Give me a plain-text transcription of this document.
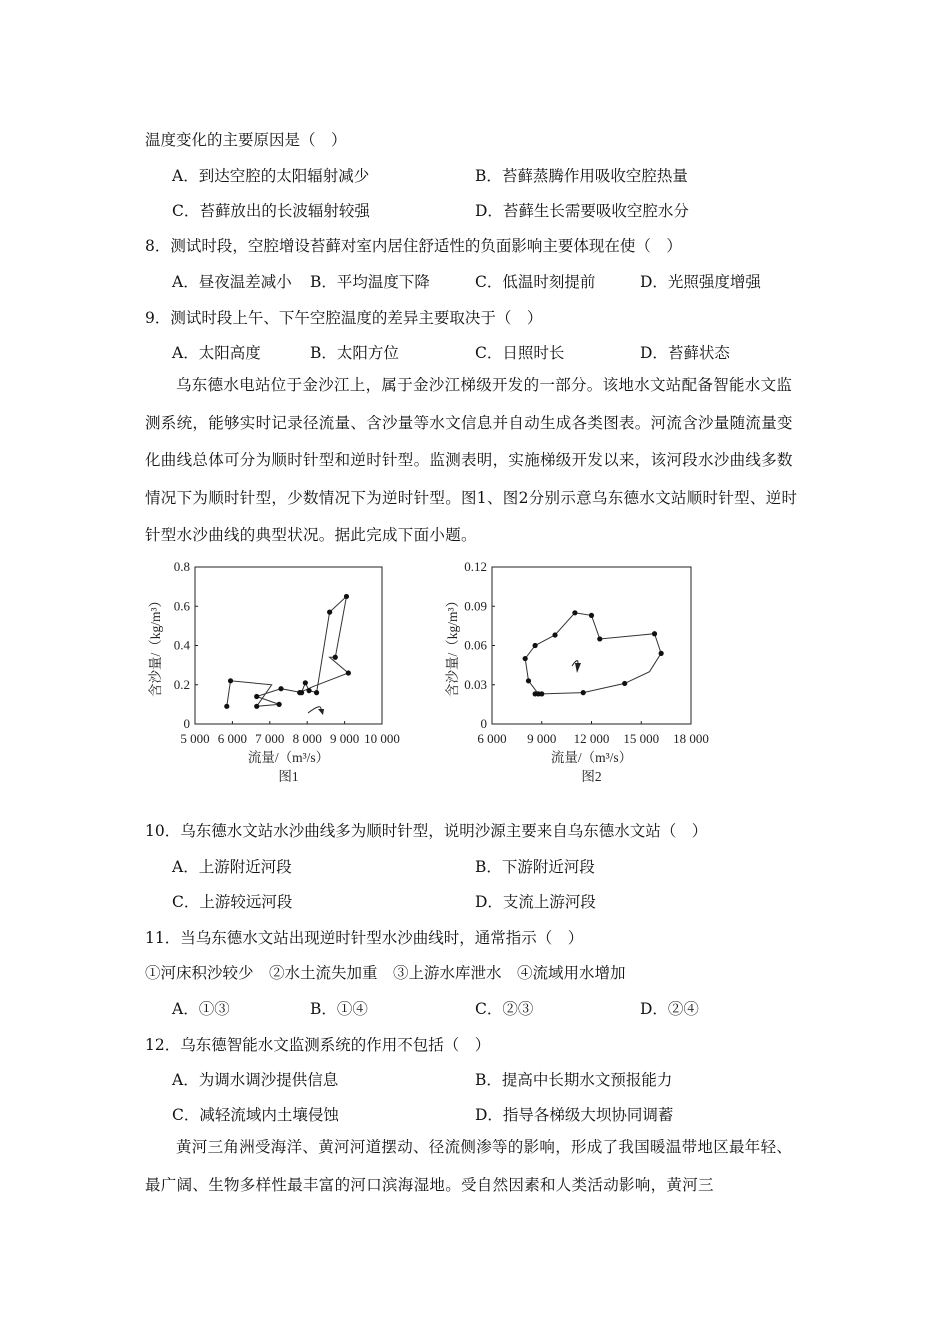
温度变化的主要原因是（　）
A．到达空腔的太阳辐射减少	B．苔藓蒸腾作用吸收空腔热量
C．苔藓放出的长波辐射较强	D．苔藓生长需要吸收空腔水分
8．测试时段，空腔增设苔藓对室内居住舒适性的负面影响主要体现在使（　）
A．昼夜温差减小 B．平均温度下降	C．低温时刻提前	D．光照强度增强
9．测试时段上午、下午空腔温度的差异主要取决于（　）
A．太阳高度	B．太阳方位	C．日照时长	D．苔藓状态

乌东德水电站位于金沙江上，属于金沙江梯级开发的一部分。该地水文站配备智能水文监测系统，能够实时记录径流量、含沙量等水文信息并自动生成各类图表。河流含沙量随流量变化曲线总体可分为顺时针型和逆时针型。监测表明，实施梯级开发以来，该河段水沙曲线多数情况下为顺时针型，少数情况下为逆时针型。图1、图2分别示意乌东德水文站顺时针型、逆时针型水沙曲线的典型状况。据此完成下面小题。

5 000 6 000 7 000 8 000 9 000 10 000
0
0.2
0.4
0.6
0.8
流量/（m³/s）
图1
含沙量/（kg/m³）
6 000 9 000 12 000 15 000 18 000
0
0.03
0.06
0.09
0.12
流量/（m³/s）
图2
含沙量/（kg/m³）
10．乌东德水文站水沙曲线多为顺时针型，说明沙源主要来自乌东德水文站（　）
A．上游附近河段	B．下游附近河段
C．上游较远河段	D．支流上游河段
11．当乌东德水文站出现逆时针型水沙曲线时，通常指示（　）
①河床积沙较少　②水土流失加重　③上游水库泄水　④流域用水增加
A．①③	B．①④	C．②③	D．②④
12．乌东德智能水文监测系统的作用不包括（　）
A．为调水调沙提供信息	B．提高中长期水文预报能力
C．减轻流域内土壤侵蚀	D．指导各梯级大坝协同调蓄

黄河三角洲受海洋、黄河河道摆动、径流侧渗等的影响，形成了我国暖温带地区最年轻、最广阔、生物多样性最丰富的河口滨海湿地。受自然因素和人类活动影响，黄河三
